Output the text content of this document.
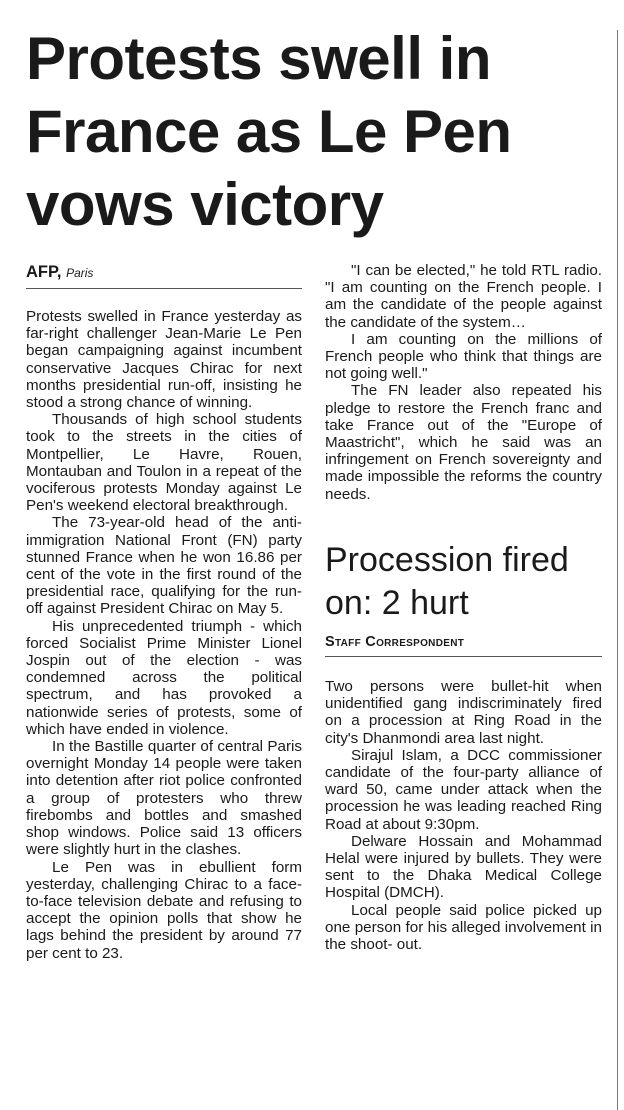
Protests swell in France as Le Pen vows victory
AFP, Paris

Protests swelled in France yesterday as far-right challenger Jean-Marie Le Pen began campaigning against incumbent conservative Jacques Chirac for next months presidential run-off, insisting he stood a strong chance of winning.

Thousands of high school students took to the streets in the cities of Montpellier, Le Havre, Rouen, Montauban and Toulon in a repeat of the vociferous protests Monday against Le Pen's weekend electoral breakthrough.

The 73-year-old head of the anti-immigration National Front (FN) party stunned France when he won 16.86 per cent of the vote in the first round of the presidential race, qualifying for the run-off against President Chirac on May 5.

His unprecedented triumph - which forced Socialist Prime Minister Lionel Jospin out of the election - was condemned across the political spectrum, and has provoked a nationwide series of protests, some of which have ended in violence.

In the Bastille quarter of central Paris overnight Monday 14 people were taken into detention after riot police confronted a group of protesters who threw firebombs and bottles and smashed shop windows. Police said 13 officers were slightly hurt in the clashes.

Le Pen was in ebullient form yesterday, challenging Chirac to a face-to-face television debate and refusing to accept the opinion polls that show he lags behind the president by around 77 per cent to 23.

"I can be elected," he told RTL radio. "I am counting on the French people. I am the candidate of the people against the candidate of the system…

I am counting on the millions of French people who think that things are not going well."

The FN leader also repeated his pledge to restore the French franc and take France out of the "Europe of Maastricht", which he said was an infringement on French sovereignty and made impossible the reforms the country needs.

Procession fired on: 2 hurt
Staff Correspondent

Two persons were bullet-hit when unidentified gang indiscriminately fired on a procession at Ring Road in the city's Dhanmondi area last night.

Sirajul Islam, a DCC commissioner candidate of the four-party alliance of ward 50, came under attack when the procession he was leading reached Ring Road at about 9:30pm.

Delware Hossain and Mohammad Helal were injured by bullets. They were sent to the Dhaka Medical College Hospital (DMCH).

Local people said police picked up one person for his alleged involvement in the shoot- out.
